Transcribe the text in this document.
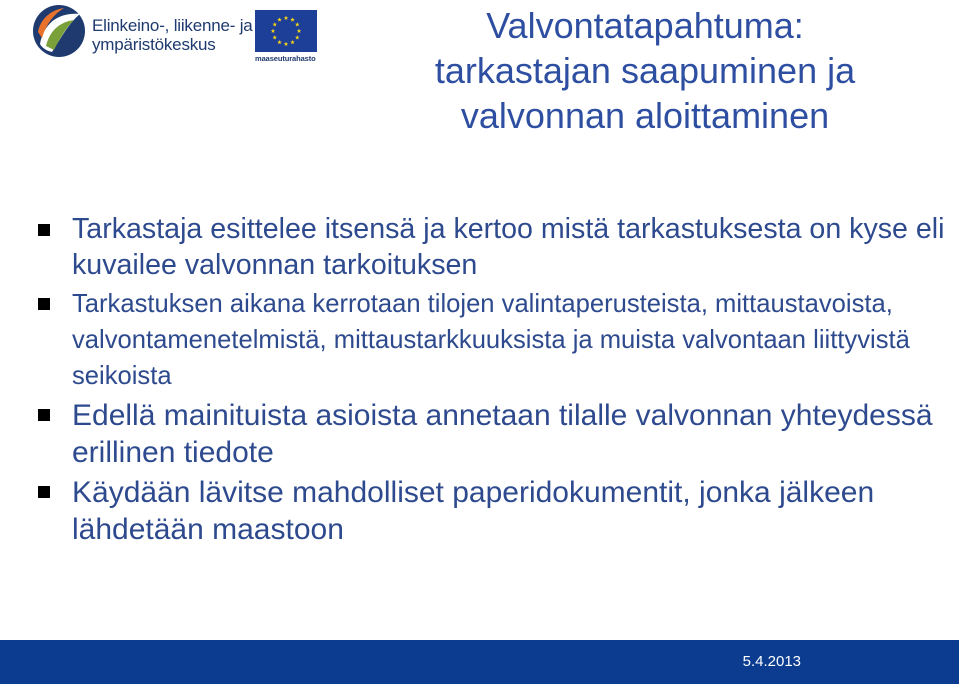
Elinkeino-, liikenne- ja
ympäristökeskus
maaseuturahasto
Valvontatapahtuma:
tarkastajan saapuminen ja
valvonnan aloittaminen
Tarkastaja esittelee itsensä ja kertoo mistä tarkastuksesta on kyse eli kuvailee valvonnan tarkoituksen
Tarkastuksen aikana kerrotaan tilojen valintaperusteista, mittaustavoista, valvontamenetelmistä, mittaustarkkuuksista ja muista valvontaan liittyvistä seikoista
Edellä mainituista asioista annetaan tilalle valvonnan yhteydessä erillinen tiedote
Käydään lävitse mahdolliset paperidokumentit, jonka jälkeen lähdetään maastoon
5.4.2013
